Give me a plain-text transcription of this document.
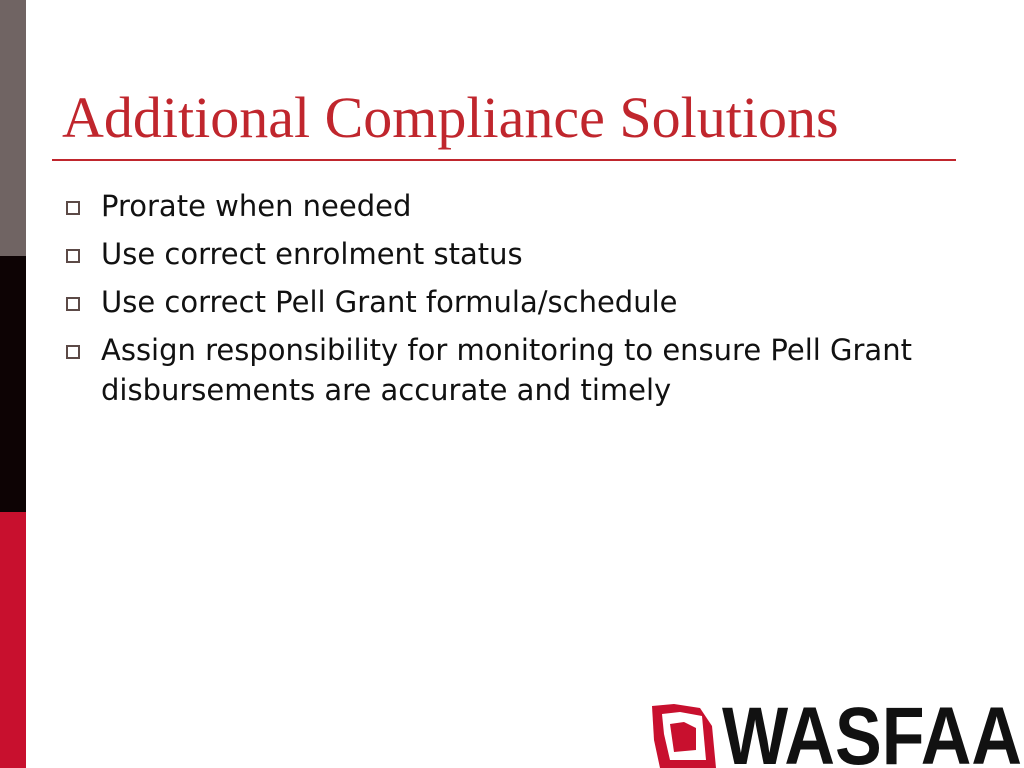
Additional Compliance Solutions
Prorate when needed
Use correct enrolment status
Use correct Pell Grant formula/schedule
Assign responsibility for monitoring to ensure Pell Grant disbursements are accurate and timely
WASFAA
